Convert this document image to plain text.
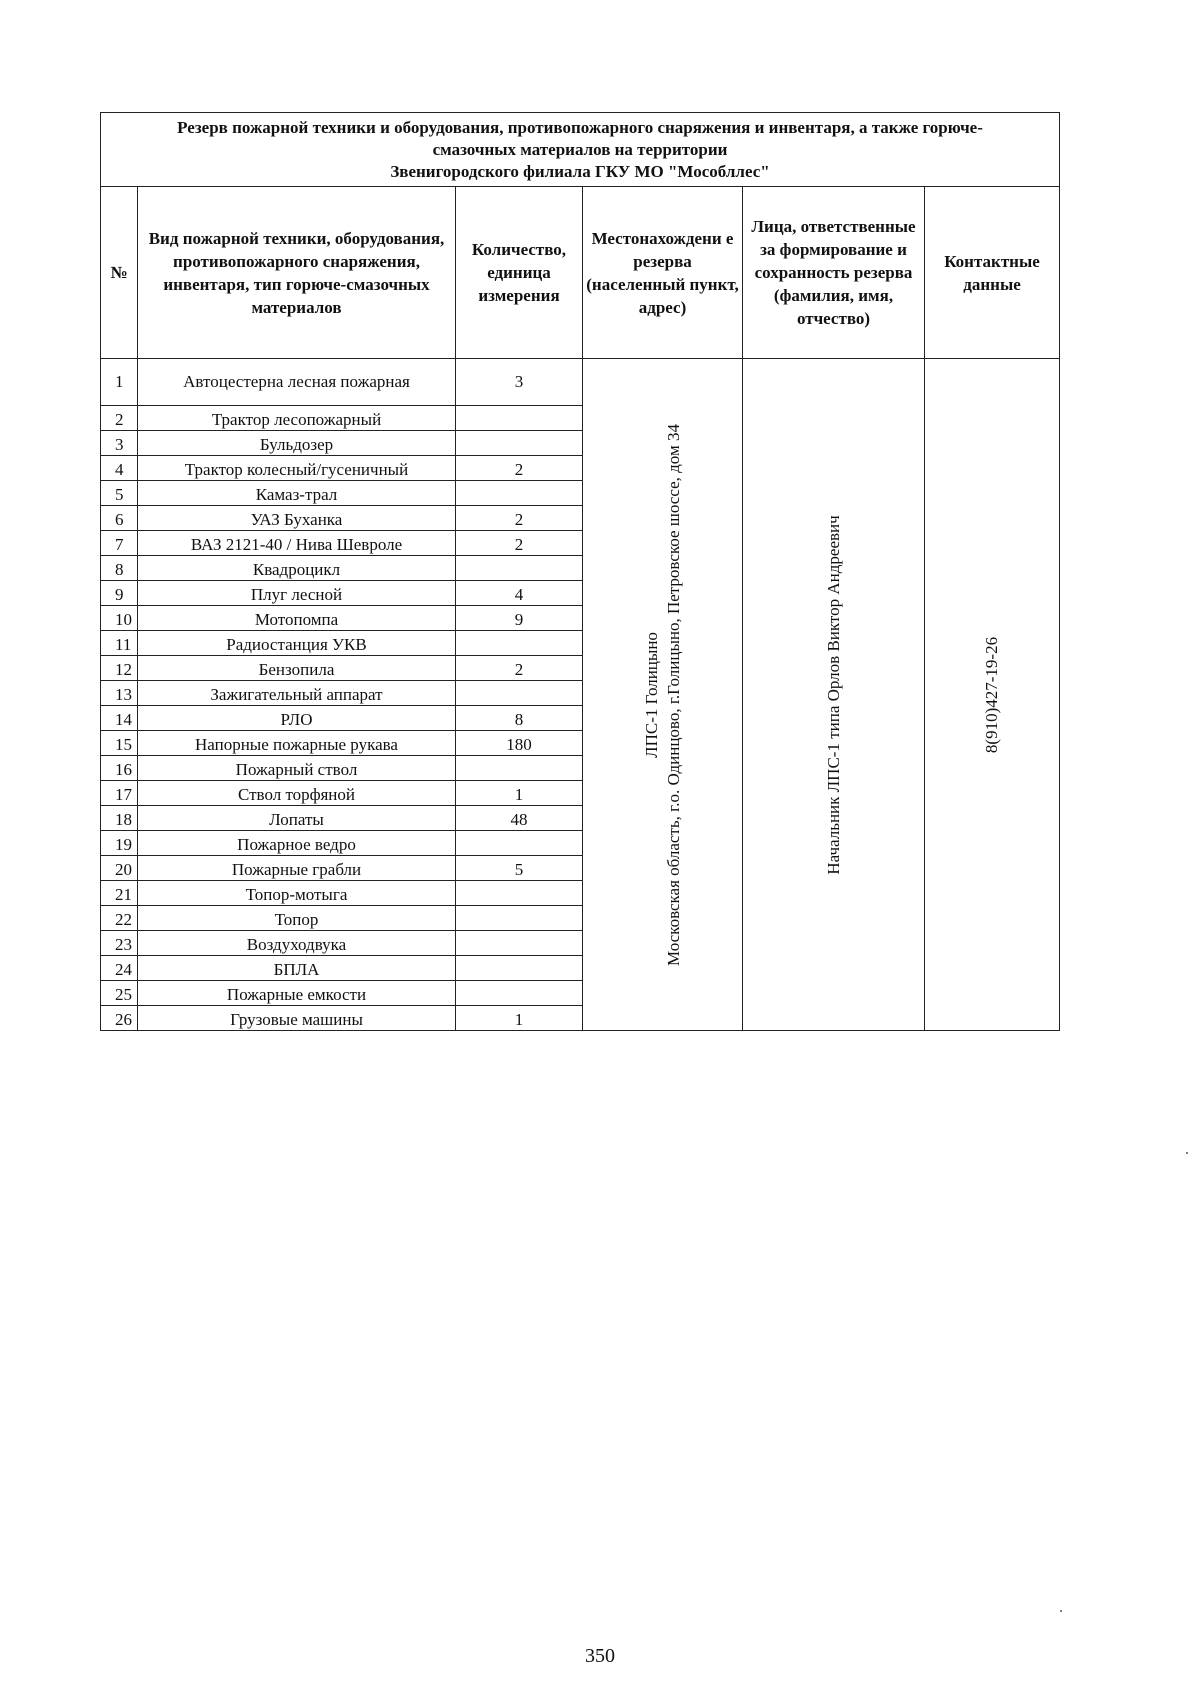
Резерв пожарной техники и оборудования, противопожарного снаряжения и инвентаря, а также горюче-
смазочных материалов на территории
Звенигородского филиала ГКУ МО "Мособллес"					

№	Вид пожарной техники, оборудования, противопожарного снаряжения, инвентаря, тип горюче-смазочных материалов	Количество, единица измерения	Местонахождени е резерва (населенный пункт, адрес)	Лица, ответственные за формирование и сохранность резерва (фамилия, имя, отчество)	Контактные данные
1	Автоцестерна лесная пожарная	3	ЛПС-1 Голицыно Московская область, г.о. Одинцово, г.Голицыно, Петровское шоссе, дом 34	Начальник ЛПС-1 типа Орлов Виктор Андреевич	8(910)427-19-26

2	Трактор лесопожарный				
3	Бульдозер				
4	Трактор колесный/гусеничный	2			
5	Камаз-трал				
6	УАЗ Буханка	2			
7	ВАЗ 2121-40 / Нива Шевроле	2			
8	Квадроцикл				
9	Плуг лесной	4			
10	Мотопомпа	9			
11	Радиостанция УКВ				
12	Бензопила	2			
13	Зажигательный аппарат				
14	РЛО	8			
15	Напорные пожарные рукава	180			
16	Пожарный ствол				
17	Ствол торфяной	1			
18	Лопаты	48			
19	Пожарное ведро				
20	Пожарные грабли	5			
21	Топор-мотыга				
22	Топор				
23	Воздуходвука				
24	БПЛА				
25	Пожарные емкости				
26	Грузовые машины	1			
350
